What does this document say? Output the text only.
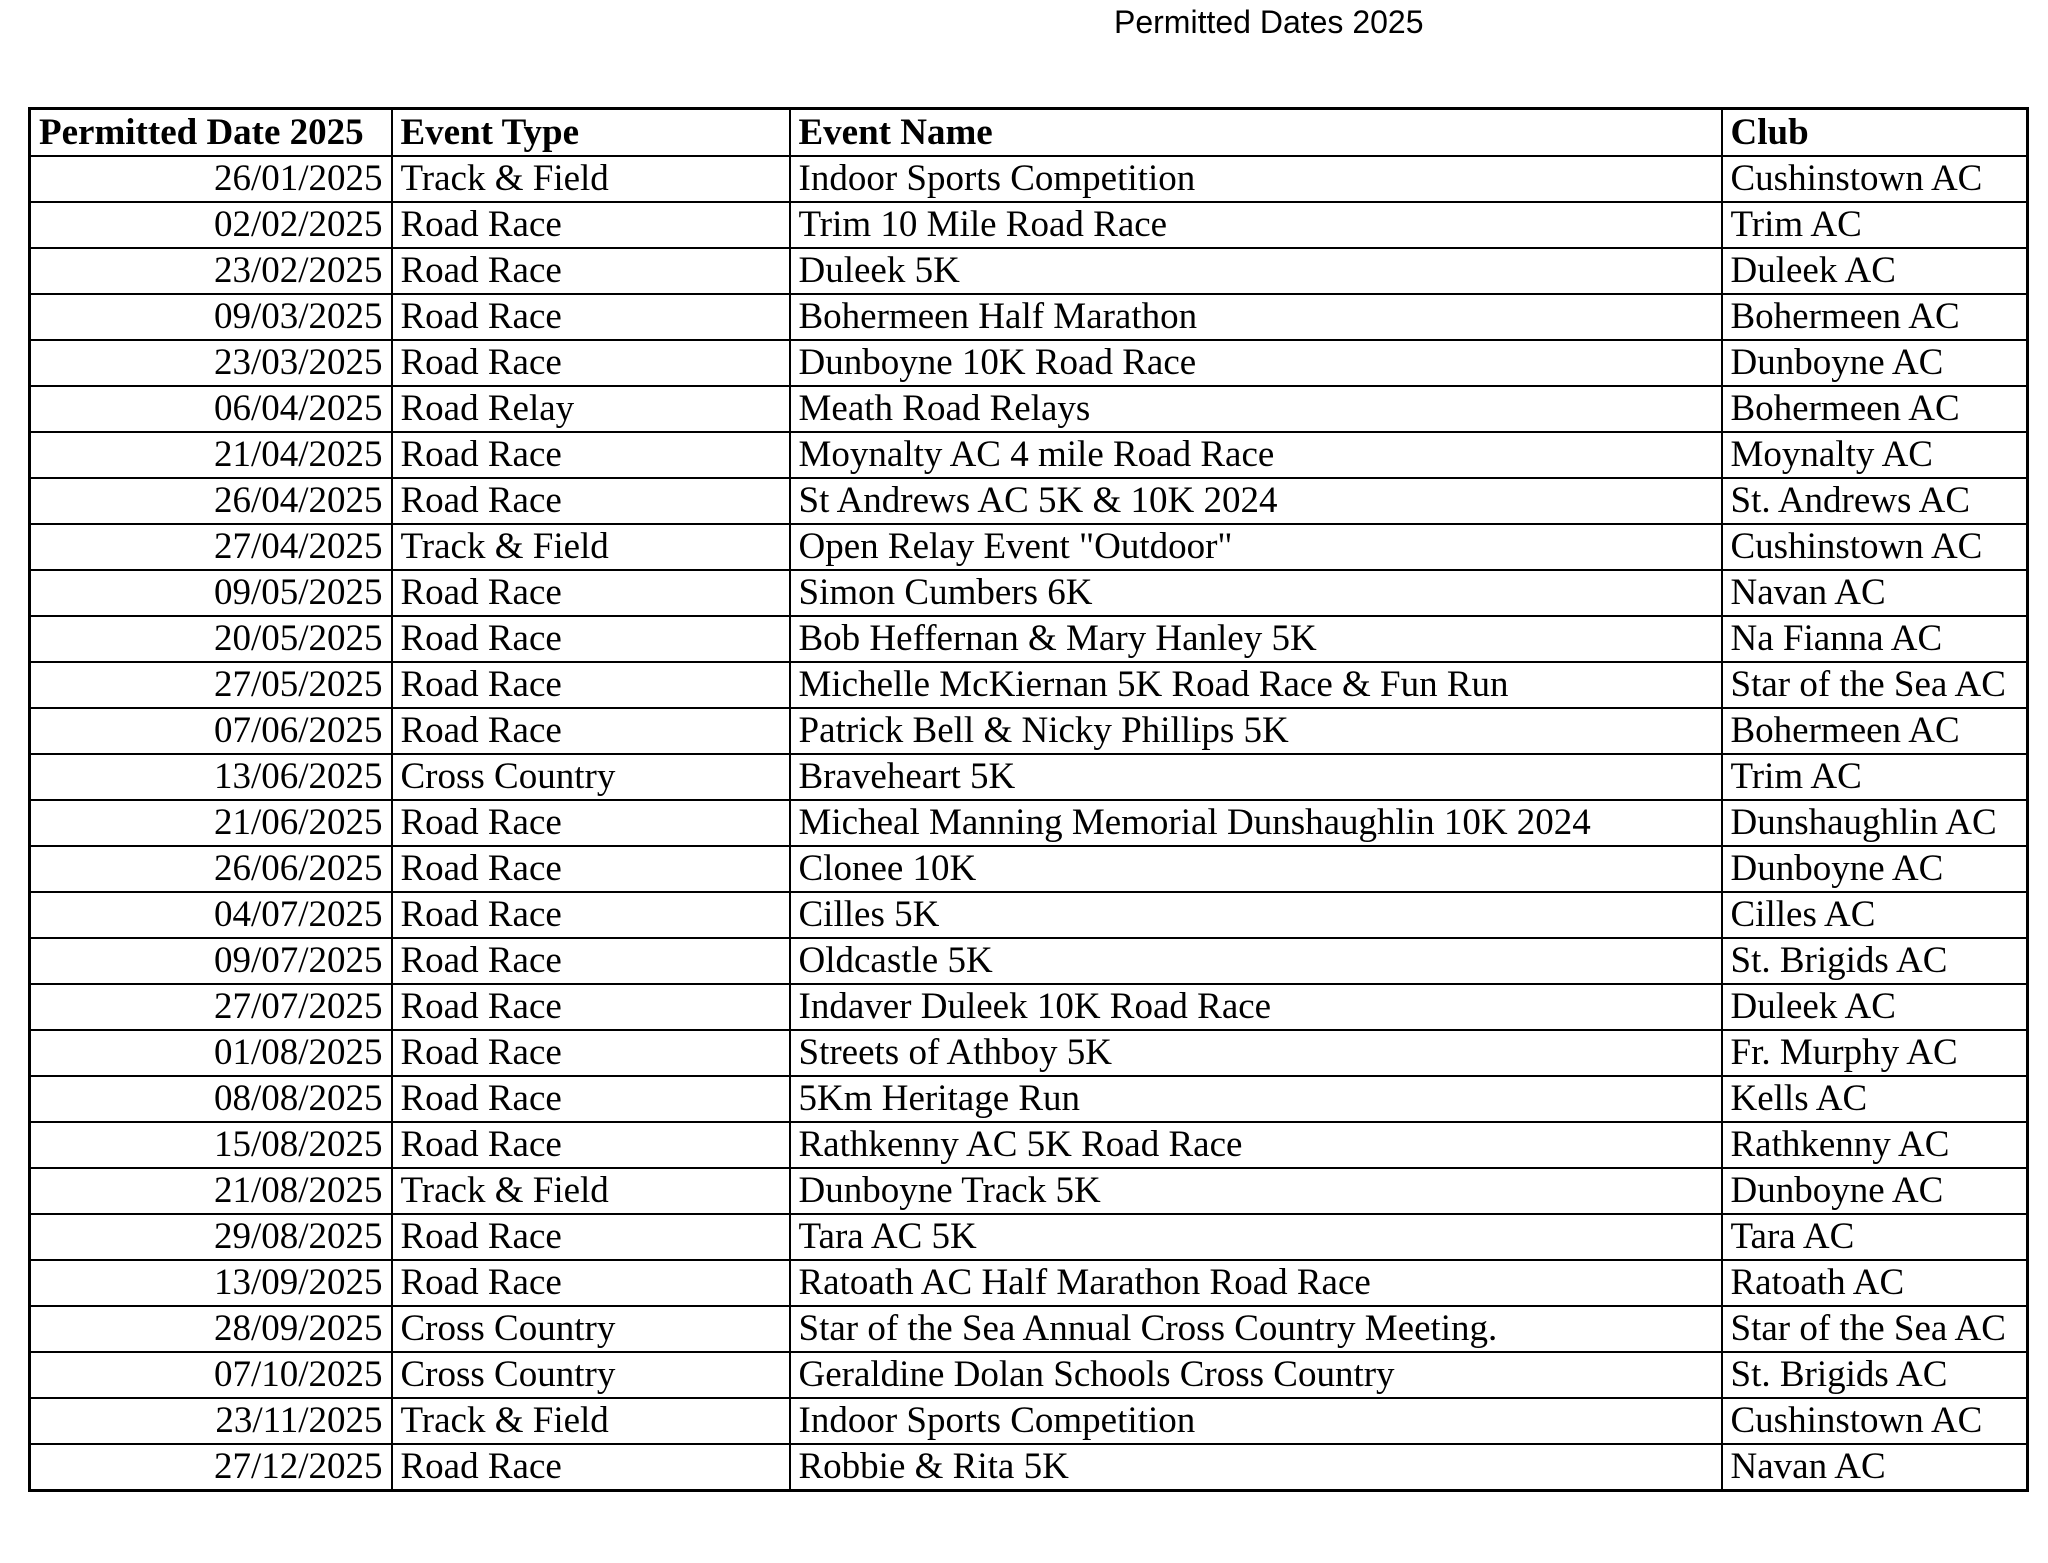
Permitted Dates 2025
Permitted Date 2025	Event Type	Event Name	Club
26/01/2025	Track & Field	Indoor Sports Competition	Cushinstown AC
02/02/2025	Road Race	Trim 10 Mile Road Race	Trim AC
23/02/2025	Road Race	Duleek 5K	Duleek AC
09/03/2025	Road Race	Bohermeen Half Marathon	Bohermeen AC
23/03/2025	Road Race	Dunboyne 10K Road Race	Dunboyne AC
06/04/2025	Road Relay	Meath Road Relays	Bohermeen AC
21/04/2025	Road Race	Moynalty AC 4 mile Road Race	Moynalty AC
26/04/2025	Road Race	St Andrews AC 5K & 10K 2024	St. Andrews AC
27/04/2025	Track & Field	Open Relay Event "Outdoor"	Cushinstown AC
09/05/2025	Road Race	Simon Cumbers 6K	Navan AC
20/05/2025	Road Race	Bob Heffernan & Mary Hanley 5K	Na Fianna AC
27/05/2025	Road Race	Michelle McKiernan 5K Road Race & Fun Run	Star of the Sea AC
07/06/2025	Road Race	Patrick Bell & Nicky Phillips 5K	Bohermeen AC
13/06/2025	Cross Country	Braveheart 5K	Trim AC
21/06/2025	Road Race	Micheal Manning Memorial Dunshaughlin 10K 2024	Dunshaughlin AC
26/06/2025	Road Race	Clonee 10K	Dunboyne AC
04/07/2025	Road Race	Cilles 5K	Cilles AC
09/07/2025	Road Race	Oldcastle 5K	St. Brigids AC
27/07/2025	Road Race	Indaver Duleek 10K Road Race	Duleek AC
01/08/2025	Road Race	Streets of Athboy 5K	Fr. Murphy AC
08/08/2025	Road Race	5Km Heritage Run	Kells AC
15/08/2025	Road Race	Rathkenny AC 5K Road Race	Rathkenny AC
21/08/2025	Track & Field	Dunboyne Track 5K	Dunboyne AC
29/08/2025	Road Race	Tara AC 5K	Tara AC
13/09/2025	Road Race	Ratoath AC Half Marathon Road Race	Ratoath AC
28/09/2025	Cross Country	Star of the Sea Annual Cross Country Meeting.	Star of the Sea AC
07/10/2025	Cross Country	Geraldine Dolan Schools Cross Country	St. Brigids AC
23/11/2025	Track & Field	Indoor Sports Competition	Cushinstown AC
27/12/2025	Road Race	Robbie & Rita 5K	Navan AC
